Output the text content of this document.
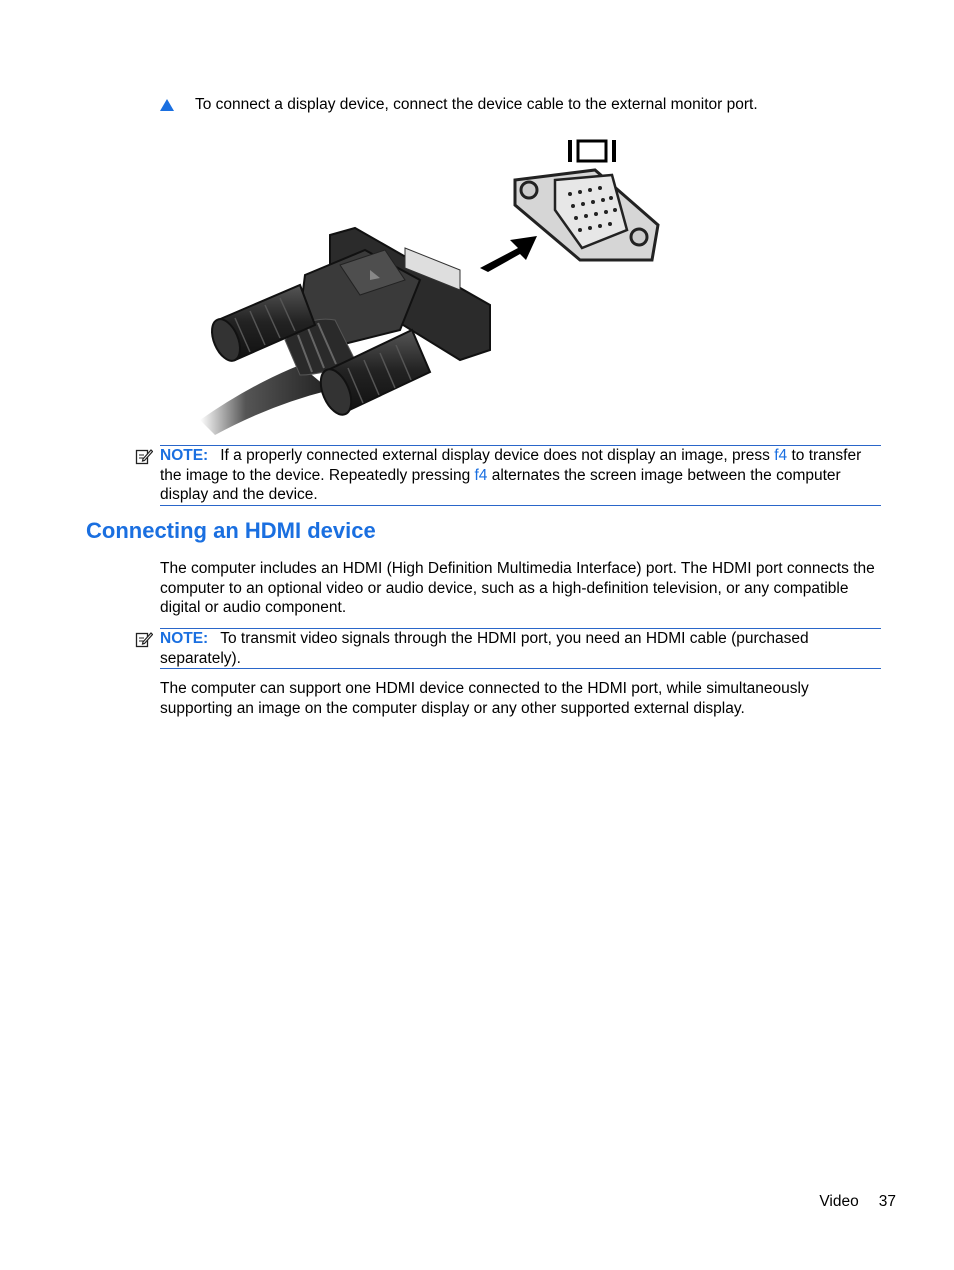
To connect a display device, connect the device cable to the external monitor port.
NOTE: If a properly connected external display device does not display an image, press f4 to transfer the image to the device. Repeatedly pressing f4 alternates the screen image between the computer display and the device.
Connecting an HDMI device
The computer includes an HDMI (High Definition Multimedia Interface) port. The HDMI port connects the computer to an optional video or audio device, such as a high-definition television, or any compatible digital or audio component.
NOTE: To transmit video signals through the HDMI port, you need an HDMI cable (purchased separately).
The computer can support one HDMI device connected to the HDMI port, while simultaneously supporting an image on the computer display or any other supported external display.
Video 37
